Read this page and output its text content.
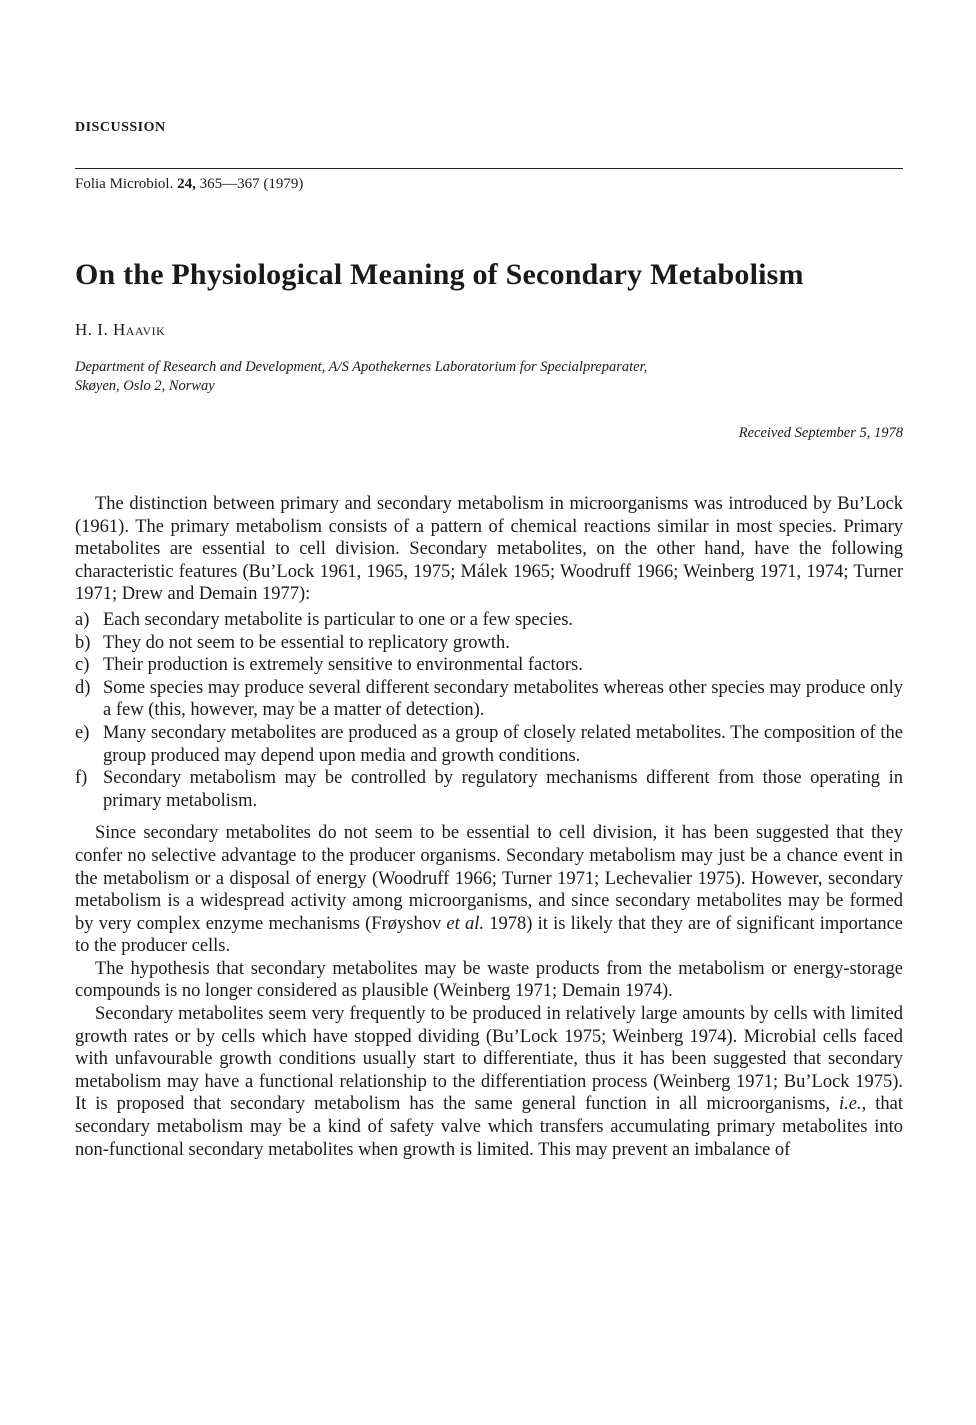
DISCUSSION
Folia Microbiol. 24, 365—367 (1979)
On the Physiological Meaning of Secondary Metabolism
H. I. Haavik
Department of Research and Development, A/S Apothekernes Laboratorium for Specialpreparater,
Skøyen, Oslo 2, Norway
Received September 5, 1978

The distinction between primary and secondary metabolism in microorganisms was introduced by Bu’Lock (1961). The primary metabolism consists of a pattern of chemical reactions similar in most species. Primary metabolites are essential to cell division. Secondary metabolites, on the other hand, have the following characteristic features (Bu’Lock 1961, 1965, 1975; Málek 1965; Woodruff 1966; Weinberg 1971, 1974; Turner 1971; Drew and Demain 1977):

a) Each secondary metabolite is particular to one or a few species.
b) They do not seem to be essential to replicatory growth.
c) Their production is extremely sensitive to environmental factors.
d) Some species may produce several different secondary metabolites whereas other species may produce only a few (this, however, may be a matter of detection).
e) Many secondary metabolites are produced as a group of closely related metabolites. The composition of the group produced may depend upon media and growth conditions.
f) Secondary metabolism may be controlled by regulatory mechanisms different from those operating in primary metabolism.

Since secondary metabolites do not seem to be essential to cell division, it has been suggested that they confer no selective advantage to the producer organisms. Secondary metabolism may just be a chance event in the metabolism or a disposal of energy (Woodruff 1966; Turner 1971; Lechevalier 1975). However, secondary metabolism is a widespread activity among microorganisms, and since secondary metabolites may be formed by very complex enzyme mechanisms (Frøyshov et al. 1978) it is likely that they are of significant importance to the producer cells.

The hypothesis that secondary metabolites may be waste products from the metabolism or energy-storage compounds is no longer considered as plausible (Weinberg 1971; Demain 1974).

Secondary metabolites seem very frequently to be produced in relatively large amounts by cells with limited growth rates or by cells which have stopped dividing (Bu’Lock 1975; Weinberg 1974). Microbial cells faced with unfavourable growth conditions usually start to differentiate, thus it has been suggested that secondary metabolism may have a functional relationship to the differentiation process (Weinberg 1971; Bu’Lock 1975). It is proposed that secondary metabolism has the same general function in all microorganisms, i.e., that secondary metabolism may be a kind of safety valve which transfers accumulating primary metabolites into non-functional secondary metabolites when growth is limited. This may prevent an imbalance of
